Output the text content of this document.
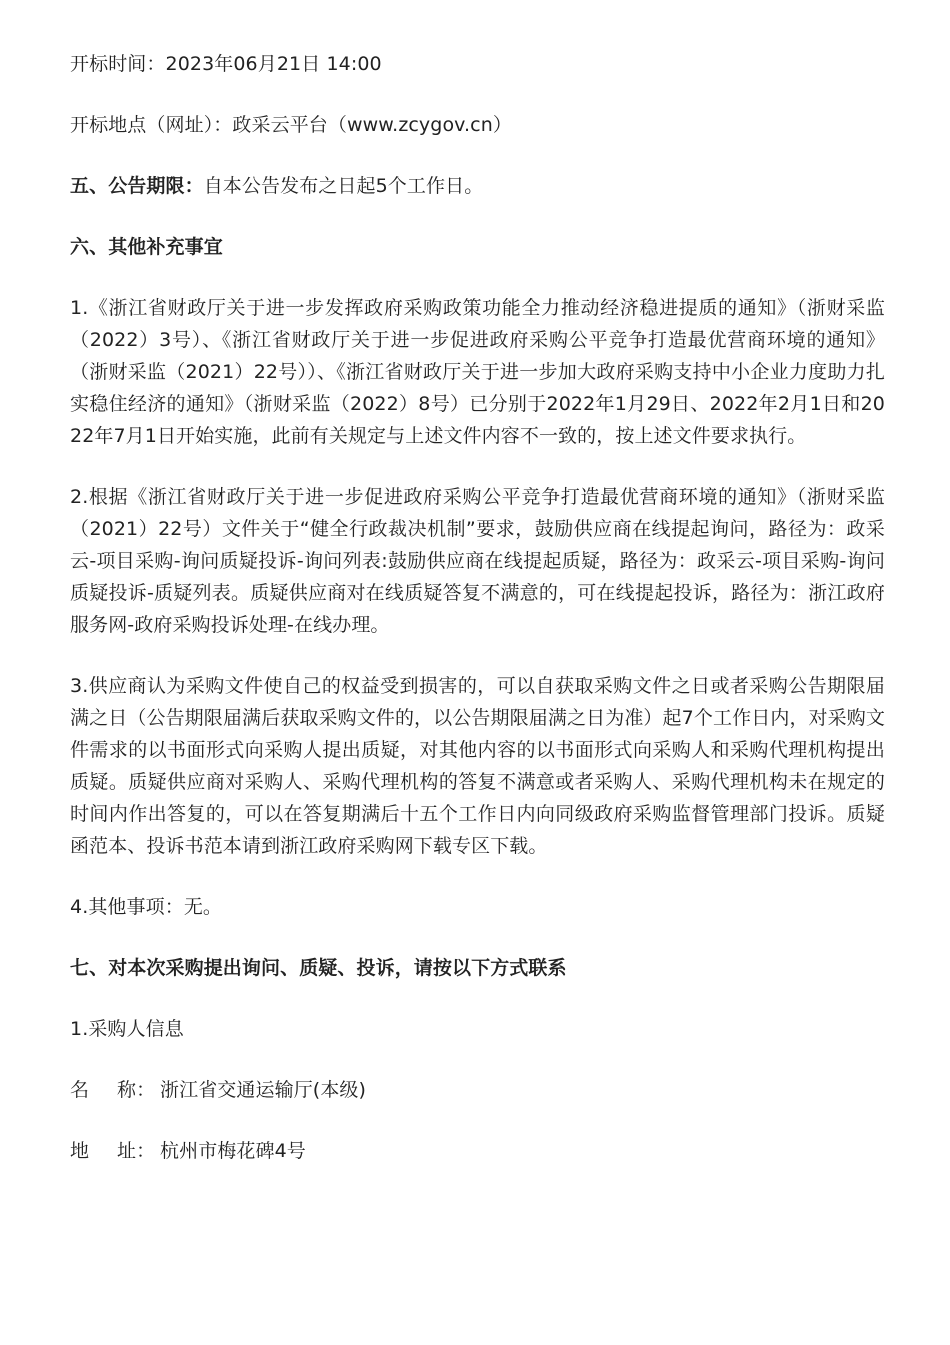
开标时间：2023年06月21日 14:00

开标地点（网址）：政采云平台（www.zcygov.cn）

五、公告期限：自本公告发布之日起5个工作日。

六、其他补充事宜

1.《浙江省财政厅关于进一步发挥政府采购政策功能全力推动经济稳进提质的通知》（浙财采监（2022）3号）、《浙江省财政厅关于进一步促进政府采购公平竞争打造最优营商环境的通知》（浙财采监（2021）22号））、《浙江省财政厅关于进一步加大政府采购支持中小企业力度助力扎实稳住经济的通知》（浙财采监（2022）8号）已分别于2022年1月29日、2022年2月1日和2022年7月1日开始实施，此前有关规定与上述文件内容不一致的，按上述文件要求执行。

2.根据《浙江省财政厅关于进一步促进政府采购公平竞争打造最优营商环境的通知》（浙财采监（2021）22号）文件关于“健全行政裁决机制”要求，鼓励供应商在线提起询问，路径为：政采云-项目采购-询问质疑投诉-询问列表:鼓励供应商在线提起质疑，路径为：政采云-项目采购-询问质疑投诉-质疑列表。质疑供应商对在线质疑答复不满意的，可在线提起投诉，路径为：浙江政府服务网-政府采购投诉处理-在线办理。

3.供应商认为采购文件使自己的权益受到损害的，可以自获取采购文件之日或者采购公告期限届满之日（公告期限届满后获取采购文件的，以公告期限届满之日为准）起7个工作日内，对采购文件需求的以书面形式向采购人提出质疑，对其他内容的以书面形式向采购人和采购代理机构提出质疑。质疑供应商对采购人、采购代理机构的答复不满意或者采购人、采购代理机构未在规定的时间内作出答复的，可以在答复期满后十五个工作日内向同级政府采购监督管理部门投诉。质疑函范本、投诉书范本请到浙江政府采购网下载专区下载。

4.其他事项：无。

七、对本次采购提出询问、质疑、投诉，请按以下方式联系

1.采购人信息

名 称： 浙江省交通运输厅(本级)

地 址： 杭州市梅花碑4号
